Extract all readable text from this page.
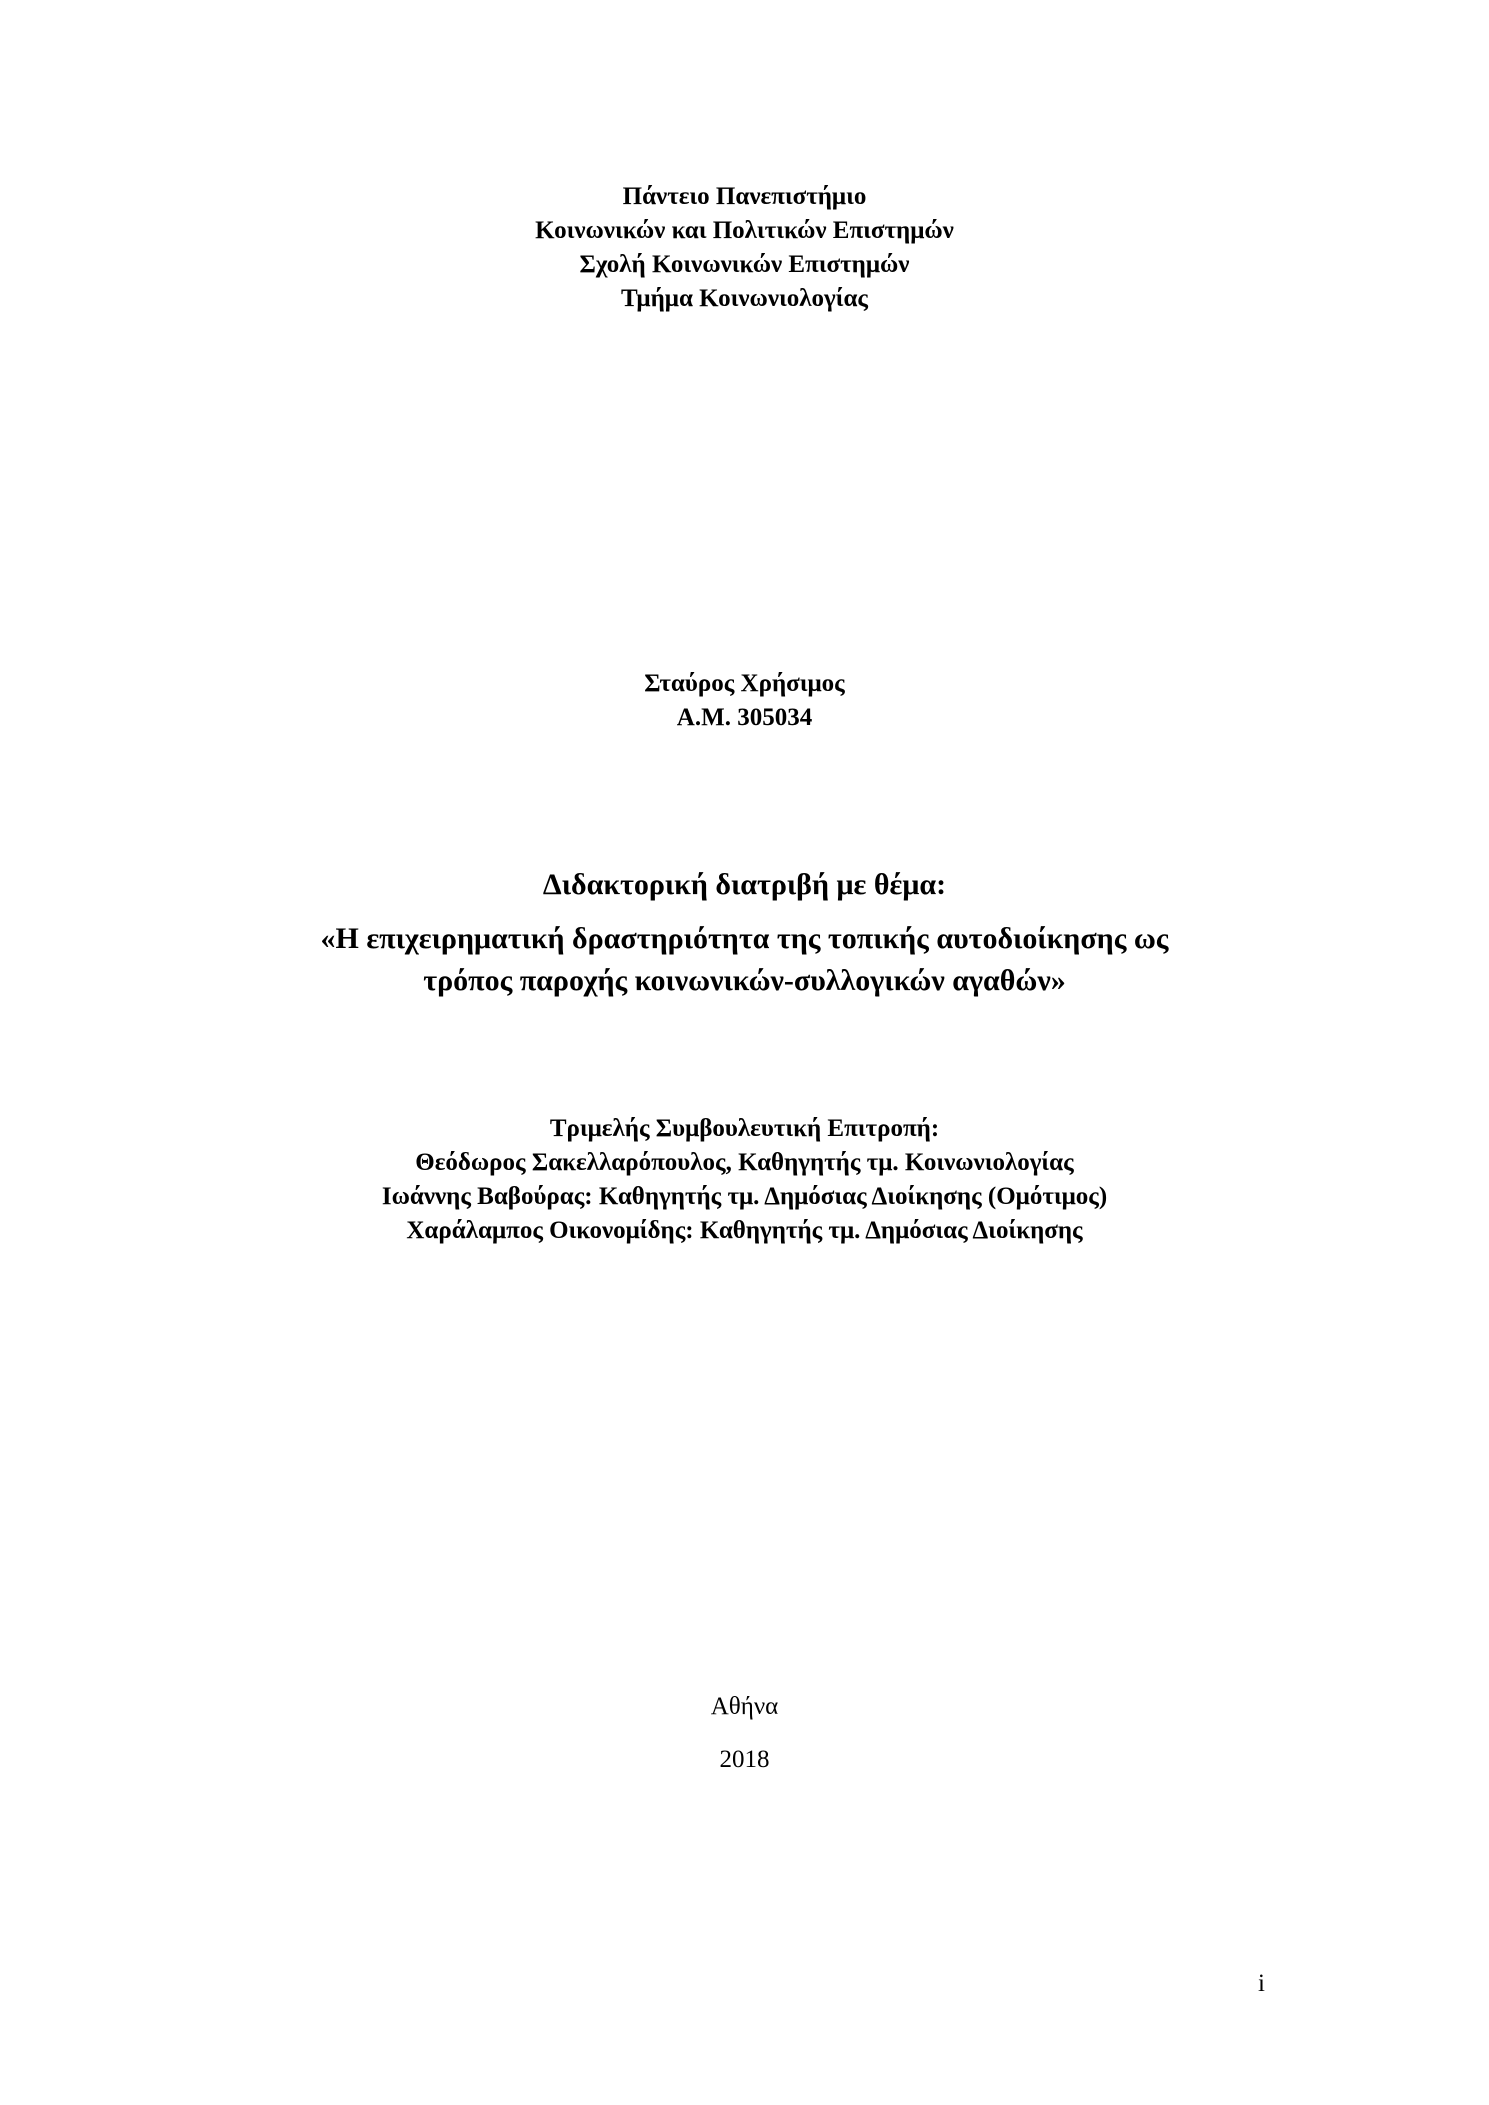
Πάντειο Πανεπιστήμιο
Κοινωνικών και Πολιτικών Επιστημών
Σχολή Κοινωνικών Επιστημών
Τμήμα Κοινωνιολογίας
Σταύρος Χρήσιμος
Α.Μ. 305034
Διδακτορική διατριβή με θέμα:
«Η επιχειρηματική δραστηριότητα της τοπικής αυτοδιοίκησης ως
τρόπος παροχής κοινωνικών-συλλογικών αγαθών»
Τριμελής Συμβουλευτική Επιτροπή:
Θεόδωρος Σακελλαρόπουλος, Καθηγητής τμ. Κοινωνιολογίας
Ιωάννης Βαβούρας: Καθηγητής τμ. Δημόσιας Διοίκησης (Ομότιμος)
Χαράλαμπος Οικονομίδης: Καθηγητής τμ. Δημόσιας Διοίκησης
Αθήνα
2018
i
